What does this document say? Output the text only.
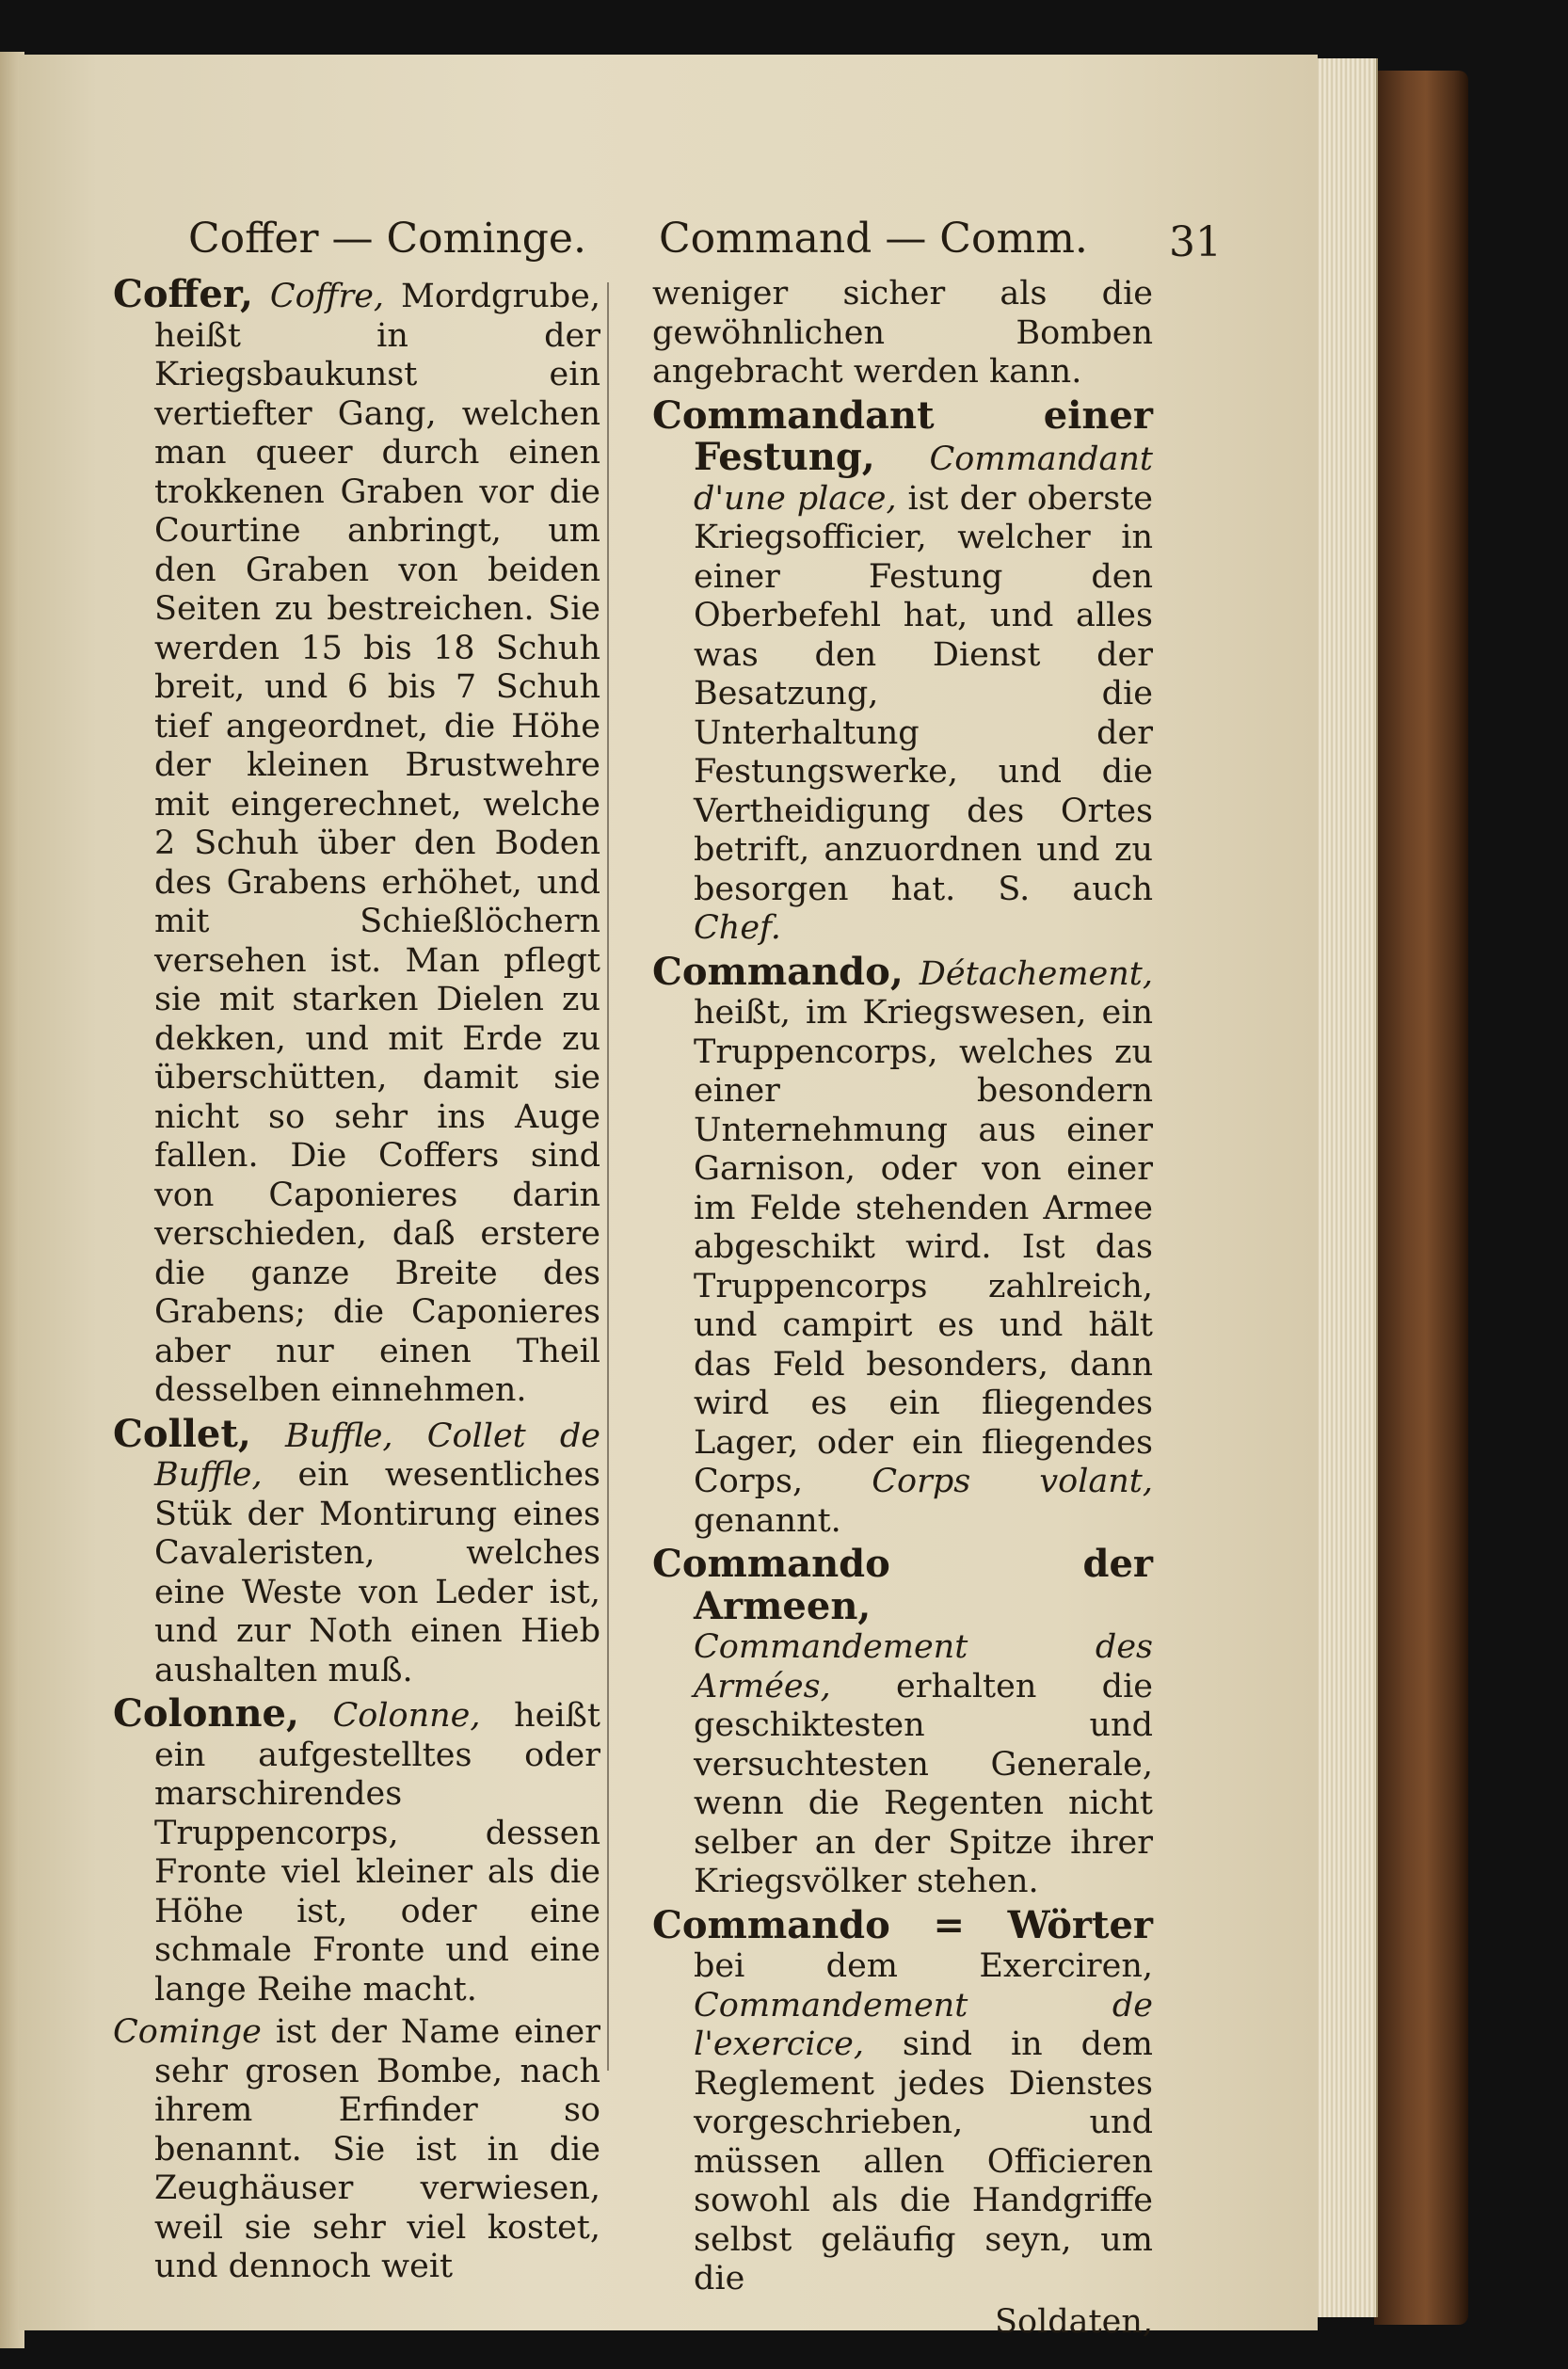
Coffer — Cominge. Command — Comm. 31
Coffer, Coffre, Mordgrube, heißt in der Kriegsbaukunst ein vertiefter Gang, welchen man queer durch einen trokkenen Graben vor die Courtine anbringt, um den Graben von beiden Seiten zu bestreichen. Sie werden 15 bis 18 Schuh breit, und 6 bis 7 Schuh tief angeordnet, die Höhe der kleinen Brustwehre mit eingerechnet, welche 2 Schuh über den Boden des Grabens erhöhet, und mit Schießlöchern versehen ist. Man pflegt sie mit starken Dielen zu dekken, und mit Erde zu überschütten, damit sie nicht so sehr ins Auge fallen. Die Coffers sind von Caponieres darin verschieden, daß erstere die ganze Breite des Grabens; die Caponieres aber nur einen Theil desselben einnehmen.
Collet, Buffle, Collet de Buffle, ein wesentliches Stük der Montirung eines Cavaleristen, welches eine Weste von Leder ist, und zur Noth einen Hieb aushalten muß.
Colonne, Colonne, heißt ein aufgestelltes oder marschirendes Truppencorps, dessen Fronte viel kleiner als die Höhe ist, oder eine schmale Fronte und eine lange Reihe macht.
Cominge ist der Name einer sehr grosen Bombe, nach ihrem Erfinder so benannt. Sie ist in die Zeughäuser verwiesen, weil sie sehr viel kostet, und dennoch weit
weniger sicher als die gewöhnlichen Bomben angebracht werden kann.
Commandant einer Festung, Commandant d'une place, ist der oberste Kriegsofficier, welcher in einer Festung den Oberbefehl hat, und alles was den Dienst der Besatzung, die Unterhaltung der Festungswerke, und die Vertheidigung des Ortes betrift, anzuordnen und zu besorgen hat. S. auch Chef.
Commando, Détachement, heißt, im Kriegswesen, ein Truppencorps, welches zu einer besondern Unternehmung aus einer Garnison, oder von einer im Felde stehenden Armee abgeschikt wird. Ist das Truppencorps zahlreich, und campirt es und hält das Feld besonders, dann wird es ein fliegendes Lager, oder ein fliegendes Corps, Corps volant, genannt.
Commando der Armeen, Commandement des Armées, erhalten die geschiktesten und versuchtesten Generale, wenn die Regenten nicht selber an der Spitze ihrer Kriegsvölker stehen.
Commando = Wörter bei dem Exerciren, Commandement de l'exercice, sind in dem Reglement jedes Dienstes vorgeschrieben, und müssen allen Officieren sowohl als die Handgriffe selbst geläufig seyn, um die
Soldaten,
